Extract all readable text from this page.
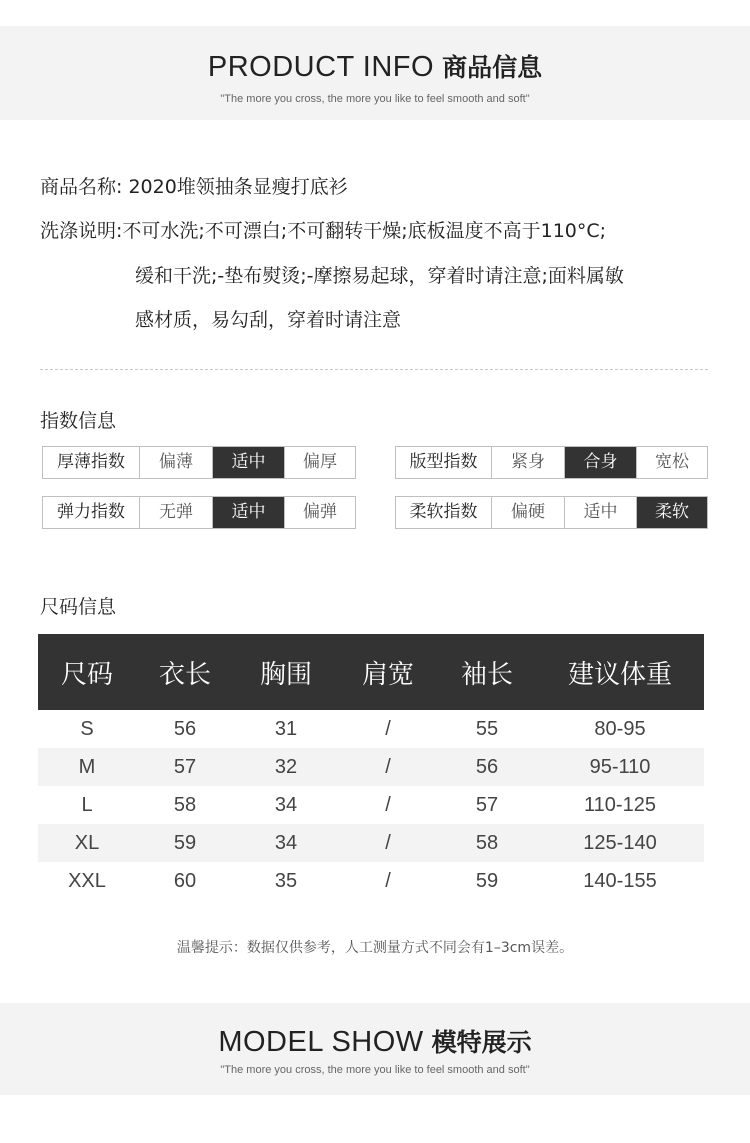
PRODUCT INFO 商品信息
"The more you cross, the more you like to feel smooth and soft"
商品名称: 2020堆领抽条显瘦打底衫
洗涤说明:不可水洗;不可漂白;不可翻转干燥;底板温度不高于110°C;
缓和干洗;-垫布熨烫;-摩擦易起球，穿着时请注意;面料属敏
感材质，易勾刮，穿着时请注意
指数信息
厚薄指数	偏薄	适中	偏厚	版型指数	紧身	合身	宽松
弹力指数	无弹	适中	偏弹	柔软指数	偏硬	适中	柔软
尺码信息
尺码	衣长	胸围	肩宽	袖长	建议体重
S	56	31	/	55	80-95
M	57	32	/	56	95-110
L	58	34	/	57	110-125
XL	59	34	/	58	125-140
XXL	60	35	/	59	140-155
温馨提示：数据仅供参考，人工测量方式不同会有1–3cm误差。
MODEL SHOW 模特展示
"The more you cross, the more you like to feel smooth and soft"
